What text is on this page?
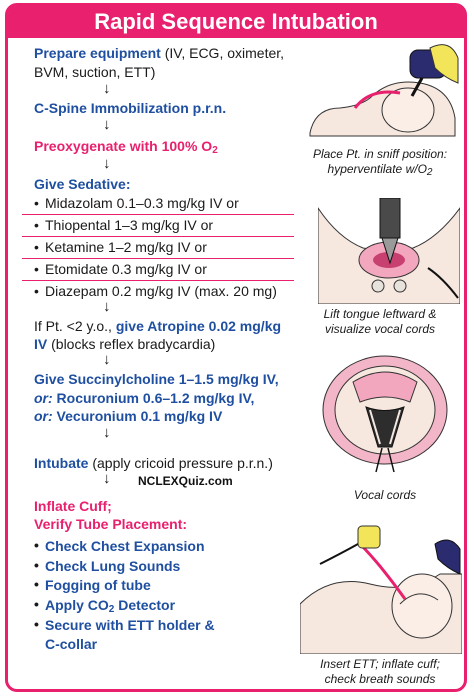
Rapid Sequence Intubation
Prepare equipment (IV, ECG, oximeter,
BVM, suction, ETT)
↓
C-Spine Immobilization p.r.n.
↓
Preoxygenate with 100% $O_2$
↓
Give Sedative:
• Midazolam 0.1–0.3 mg/kg IV or
• Thiopental 1–3 mg/kg IV or
• Ketamine 1–2 mg/kg IV or
• Etomidate 0.3 mg/kg IV or
• Diazepam 0.2 mg/kg IV (max. 20 mg)
↓
If Pt. <2 y.o., give Atropine 0.02 mg/kg
IV (blocks reflex bradycardia)
↓
Give Succinylcholine 1–1.5 mg/kg IV,
or: Rocuronium 0.6–1.2 mg/kg IV,
or: Vecuronium 0.1 mg/kg IV
↓
Intubate (apply cricoid pressure p.r.n.)
↓ NCLEXQuiz.com
Inflate Cuff;
Verify Tube Placement:
• Check Chest Expansion
• Check Lung Sounds
• Fogging of tube
• Apply $CO_2$ Detector
• Secure with ETT holder &
C-collar
Place Pt. in sniff position:
hyperventilate $w/O_2$
Lift tongue leftward &
visualize vocal cords
Vocal cords
Insert ETT; inflate cuff;
check breath sounds
